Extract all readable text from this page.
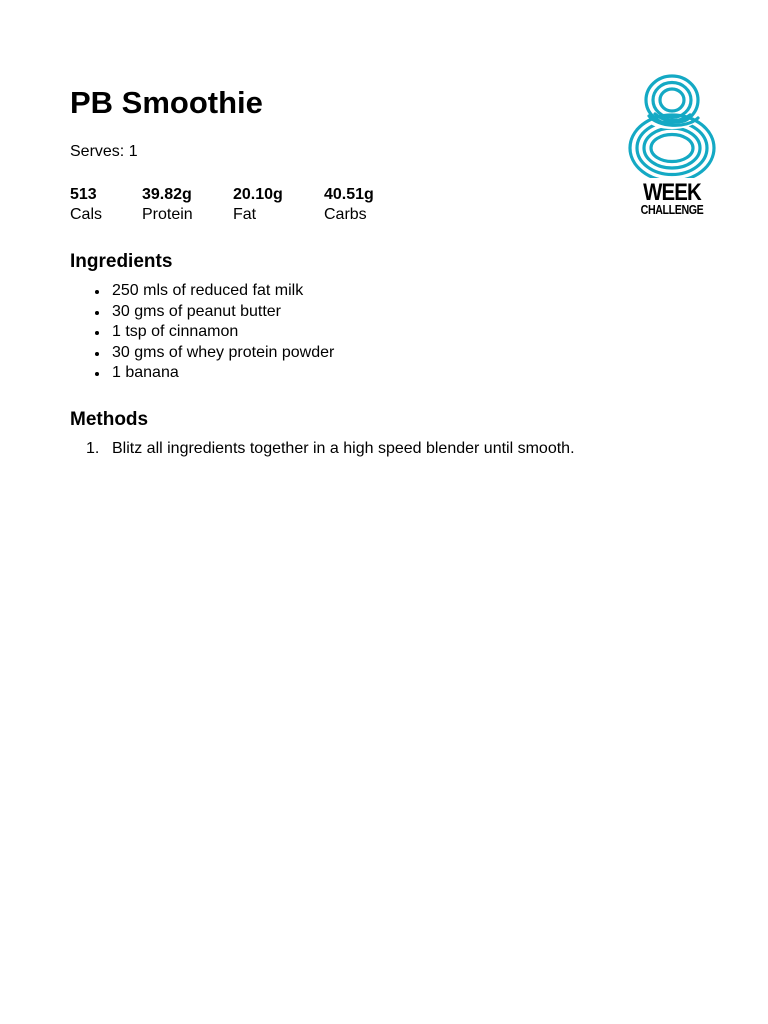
PB Smoothie
Serves: 1
513
Cals
39.82g
Protein
20.10g
Fat
40.51g
Carbs
Ingredients
250 mls of reduced fat milk
30 gms of peanut butter
1 tsp of cinnamon
30 gms of whey protein powder
1 banana
Methods
1. Blitz all ingredients together in a high speed blender until smooth.
WEEK
CHALLENGE
